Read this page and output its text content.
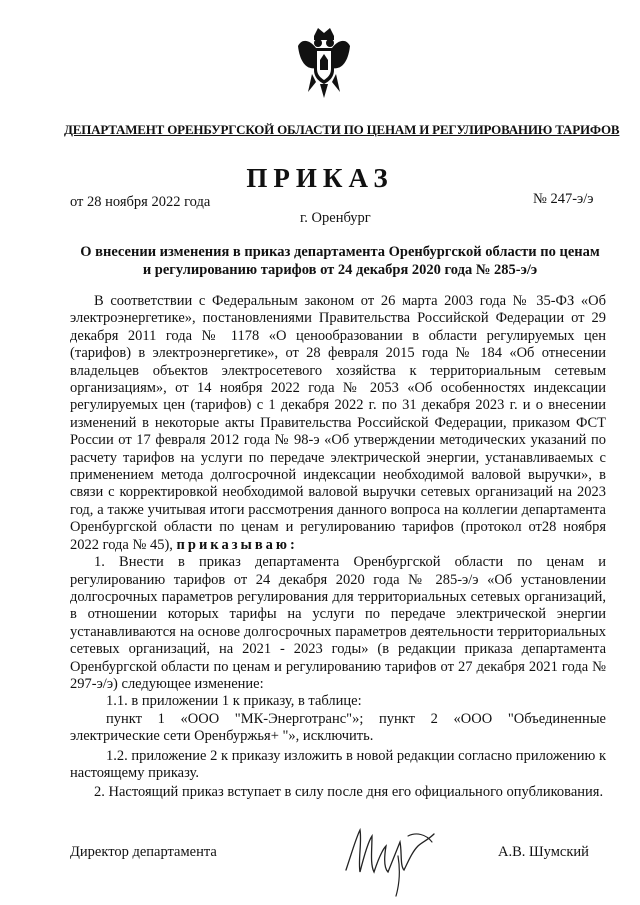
ДЕПАРТАМЕНТ ОРЕНБУРГСКОЙ ОБЛАСТИ ПО ЦЕНАМ И РЕГУЛИРОВАНИЮ ТАРИФОВ
ПРИКАЗ
от 28 ноября 2022 года	№ 247-э/э
г. Оренбург
О внесении изменения в приказ департамента Оренбургской области по ценам
и регулированию тарифов от 24 декабря 2020 года № 285-э/э

В соответствии с Федеральным законом от 26 марта 2003 года № 35-ФЗ «Об электроэнергетике», постановлениями Правительства Российской Федерации от 29 декабря 2011 года № 1178 «О ценообразовании в области регулируемых цен (тарифов) в электроэнергетике», от 28 февраля 2015 года № 184 «Об отнесении владельцев объектов электросетевого хозяйства к территориальным сетевым организациям», от 14 ноября 2022 года № 2053 «Об особенностях индексации регулируемых цен (тарифов) с 1 декабря 2022 г. по 31 декабря 2023 г. и о внесении изменений в некоторые акты Правительства Российской Федерации, приказом ФСТ России от 17 февраля 2012 года № 98-э «Об утверждении методических указаний по расчету тарифов на услуги по передаче электрической энергии, устанавливаемых с применением метода долгосрочной индексации необходимой валовой выручки», в связи с корректировкой необходимой валовой выручки сетевых организаций на 2023 год, а также учитывая итоги рассмотрения данного вопроса на коллегии департамента Оренбургской области по ценам и регулированию тарифов (протокол от28 ноября 2022 года № 45), приказываю:

1. Внести в приказ департамента Оренбургской области по ценам и регулированию тарифов от 24 декабря 2020 года № 285-э/э «Об установлении долгосрочных параметров регулирования для территориальных сетевых организаций, в отношении которых тарифы на услуги по передаче электрической энергии устанавливаются на основе долгосрочных параметров деятельности территориальных сетевых организаций, на 2021 - 2023 годы» (в редакции приказа департамента Оренбургской области по ценам и регулированию тарифов от 27 декабря 2021 года № 297-э/э) следующее изменение:

1.1. в приложении 1 к приказу, в таблице:

пункт 1 «ООО "МК-Энерготранс"»; пункт 2 «ООО "Объединенные электрические сети Оренбуржья+ "», исключить.

1.2. приложение 2 к приказу изложить в новой редакции согласно приложению к настоящему приказу.

2. Настоящий приказ вступает в силу после дня его официального опубликования.

Директор департамента	А.В. Шумский
